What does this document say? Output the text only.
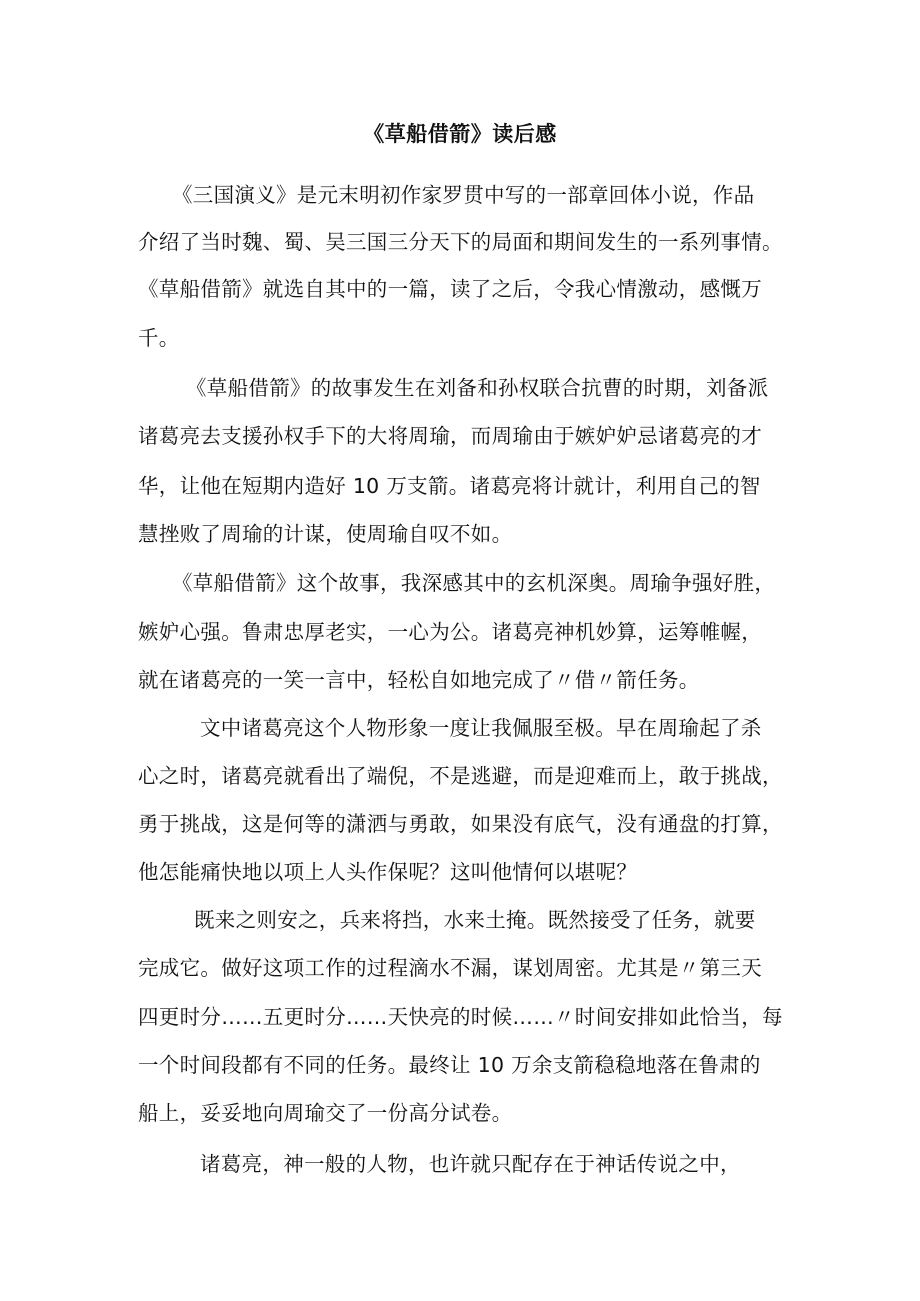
《草船借箭》读后感
《三国演义》是元末明初作家罗贯中写的一部章回体小说，作品
介绍了当时魏、蜀、吴三国三分天下的局面和期间发生的一系列事情。
《草船借箭》就选自其中的一篇，读了之后，令我心情激动，感慨万
千。
《草船借箭》的故事发生在刘备和孙权联合抗曹的时期，刘备派
诸葛亮去支援孙权手下的大将周瑜，而周瑜由于嫉妒妒忌诸葛亮的才
华，让他在短期内造好 10 万支箭。诸葛亮将计就计，利用自己的智
慧挫败了周瑜的计谋，使周瑜自叹不如。
《草船借箭》这个故事，我深感其中的玄机深奥。周瑜争强好胜，
嫉妒心强。鲁肃忠厚老实，一心为公。诸葛亮神机妙算，运筹帷幄，
就在诸葛亮的一笑一言中，轻松自如地完成了〃借〃箭任务。
文中诸葛亮这个人物形象一度让我佩服至极。早在周瑜起了杀
心之时，诸葛亮就看出了端倪，不是逃避，而是迎难而上，敢于挑战，
勇于挑战，这是何等的潇洒与勇敢，如果没有底气，没有通盘的打算，
他怎能痛快地以项上人头作保呢？这叫他情何以堪呢？
既来之则安之，兵来将挡，水来土掩。既然接受了任务，就要
完成它。做好这项工作的过程滴水不漏，谋划周密。尤其是〃第三天
四更时分……五更时分……天快亮的时候……〃时间安排如此恰当，每
一个时间段都有不同的任务。最终让 10 万余支箭稳稳地落在鲁肃的
船上，妥妥地向周瑜交了一份高分试卷。
诸葛亮，神一般的人物，也许就只配存在于神话传说之中，
